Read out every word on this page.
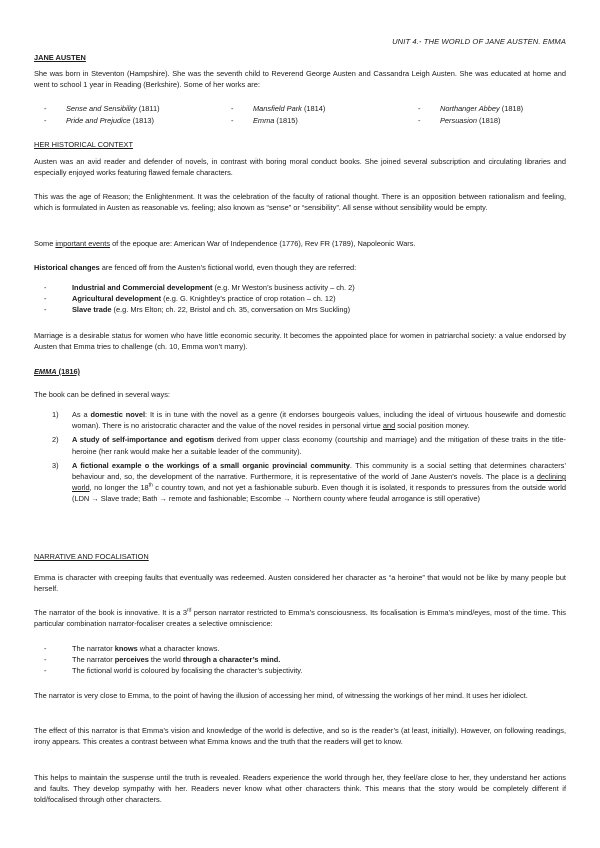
UNIT 4.- THE WORLD OF JANE AUSTEN. EMMA
JANE AUSTEN
She was born in Steventon (Hampshire). She was the seventh child to Reverend George Austen and Cassandra Leigh Austen. She was educated at home and went to school 1 year in Reading (Berkshire). Some of her works are:
-	Sense and Sensibility (1811)
-	Pride and Prejudice (1813)
-	Mansfield Park (1814)
-	Emma (1815)
-	Northanger Abbey (1818)
-	Persuasion (1818)
HER HISTORICAL CONTEXT
Austen was an avid reader and defender of novels, in contrast with boring moral conduct books. She joined several subscription and circulating libraries and especially enjoyed works featuring flawed female characters.
This was the age of Reason; the Enlightenment. It was the celebration of the faculty of rational thought. There is an opposition between rationalism and feeling, which is formulated in Austen as reasonable vs. feeling; also known as “sense” or “sensibility”. All sense without sensibility would be empty.
Some important events of the epoque are: American War of Independence (1776), Rev FR (1789), Napoleonic Wars.
Historical changes are fenced off from the Austen’s fictional world, even though they are referred:
-	Industrial and Commercial development (e.g. Mr Weston’s business activity – ch. 2)
-	Agricultural development (e.g. G. Knightley’s practice of crop rotation – ch. 12)
-	Slave trade (e.g. Mrs Elton; ch. 22, Bristol and ch. 35, conversation on Mrs Suckling)
Marriage is a desirable status for women who have little economic security. It becomes the appointed place for women in patriarchal society: a value endorsed by Austen that Emma tries to challenge (ch. 10, Emma won’t marry).
EMMA (1816)
The book can be defined in several ways:
1) As a domestic novel: It is in tune with the novel as a genre (it endorses bourgeois values, including the ideal of virtuous housewife and domestic woman). There is no aristocratic character and the value of the novel resides in personal virtue and social position money.
2) A study of self-importance and egotism derived from upper class economy (courtship and marriage) and the mitigation of these traits in the title-heroine (her rank would make her a suitable leader of the community).
3) A fictional example o the workings of a small organic provincial community. This community is a social setting that determines characters’ behaviour and, so, the development of the narrative. Furthermore, it is representative of the world of Jane Austen’s novels. The place is a declining world, no longer the 18th c country town, and not yet a fashionable suburb. Even though it is isolated, it responds to pressures from the outside world (LDN → Slave trade; Bath → remote and fashionable; Escombe → Northern county where feudal arrogance is still operative)
NARRATIVE AND FOCALISATION
Emma is character with creeping faults that eventually was redeemed. Austen considered her character as “a heroine” that would not be like by many people but herself.
The narrator of the book is innovative. It is a 3rd person narrator restricted to Emma’s consciousness. Its focalisation is Emma’s mind/eyes, most of the time. This particular combination narrator-focaliser creates a selective omniscience:
-	The narrator knows what a character knows.
-	The narrator perceives the world through a character’s mind.
-	The fictional world is coloured by focalising the character’s subjectivity.
The narrator is very close to Emma, to the point of having the illusion of accessing her mind, of witnessing the workings of her mind. It uses her idiolect.
The effect of this narrator is that Emma’s vision and knowledge of the world is defective, and so is the reader’s (at least, initially). However, on following readings, irony appears. This creates a contrast between what Emma knows and the truth that the readers will get to know.
This helps to maintain the suspense until the truth is revealed. Readers experience the world through her, they feel/are close to her, they understand her actions and faults. They develop sympathy with her. Readers never know what other characters think. This means that the story would be completely different if told/focalised through other characters.
